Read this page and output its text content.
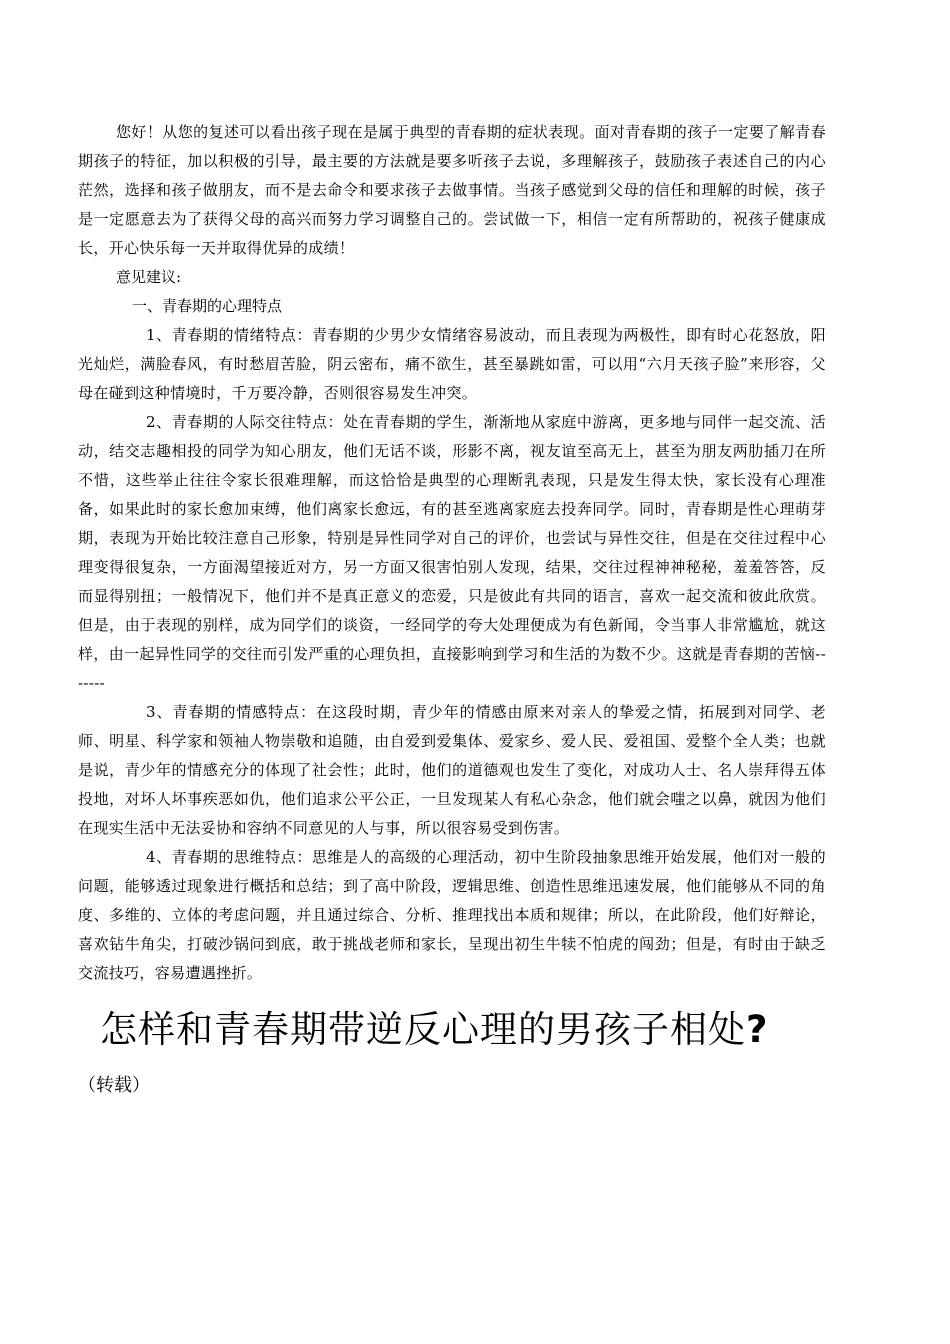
您好！从您的复述可以看出孩子现在是属于典型的青春期的症状表现。面对青春期的孩子一定要了解青春期孩子的特征，加以积极的引导，最主要的方法就是要多听孩子去说，多理解孩子，鼓励孩子表述自己的内心茫然，选择和孩子做朋友，而不是去命令和要求孩子去做事情。当孩子感觉到父母的信任和理解的时候，孩子是一定愿意去为了获得父母的高兴而努力学习调整自己的。尝试做一下，相信一定有所帮助的，祝孩子健康成长，开心快乐每一天并取得优异的成绩！

意见建议:

一、青春期的心理特点

1、青春期的情绪特点：青春期的少男少女情绪容易波动，而且表现为两极性，即有时心花怒放，阳光灿烂，满脸春风，有时愁眉苦脸，阴云密布，痛不欲生，甚至暴跳如雷，可以用“六月天孩子脸”来形容，父母在碰到这种情境时，千万要冷静，否则很容易发生冲突。

2、青春期的人际交往特点：处在青春期的学生，渐渐地从家庭中游离，更多地与同伴一起交流、活动，结交志趣相投的同学为知心朋友，他们无话不谈，形影不离，视友谊至高无上，甚至为朋友两肋插刀在所不惜，这些举止往往令家长很难理解，而这恰恰是典型的心理断乳表现，只是发生得太快，家长没有心理准备，如果此时的家长愈加束缚，他们离家长愈远，有的甚至逃离家庭去投奔同学。同时，青春期是性心理萌芽期，表现为开始比较注意自己形象，特别是异性同学对自己的评价，也尝试与异性交往，但是在交往过程中心理变得很复杂，一方面渴望接近对方，另一方面又很害怕别人发现，结果，交往过程神神秘秘，羞羞答答，反而显得别扭；一般情况下，他们并不是真正意义的恋爱，只是彼此有共同的语言，喜欢一起交流和彼此欣赏。但是，由于表现的别样，成为同学们的谈资，一经同学的夸大处理便成为有色新闻，令当事人非常尴尬，就这样，由一起异性同学的交往而引发严重的心理负担，直接影响到学习和生活的为数不少。这就是青春期的苦恼-------

3、青春期的情感特点：在这段时期，青少年的情感由原来对亲人的挚爱之情，拓展到对同学、老师、明星、科学家和领袖人物崇敬和追随，由自爱到爱集体、爱家乡、爱人民、爱祖国、爱整个全人类；也就是说，青少年的情感充分的体现了社会性；此时，他们的道德观也发生了变化，对成功人士、名人崇拜得五体投地，对坏人坏事疾恶如仇，他们追求公平公正，一旦发现某人有私心杂念，他们就会嗤之以鼻，就因为他们在现实生活中无法妥协和容纳不同意见的人与事，所以很容易受到伤害。

4、青春期的思维特点：思维是人的高级的心理活动，初中生阶段抽象思维开始发展，他们对一般的问题，能够透过现象进行概括和总结；到了高中阶段，逻辑思维、创造性思维迅速发展，他们能够从不同的角度、多维的、立体的考虑问题，并且通过综合、分析、推理找出本质和规律；所以，在此阶段，他们好辩论，喜欢钻牛角尖，打破沙锅问到底，敢于挑战老师和家长，呈现出初生牛犊不怕虎的闯劲；但是，有时由于缺乏交流技巧，容易遭遇挫折。

怎样和青春期带逆反心理的男孩子相处?

（转载）
